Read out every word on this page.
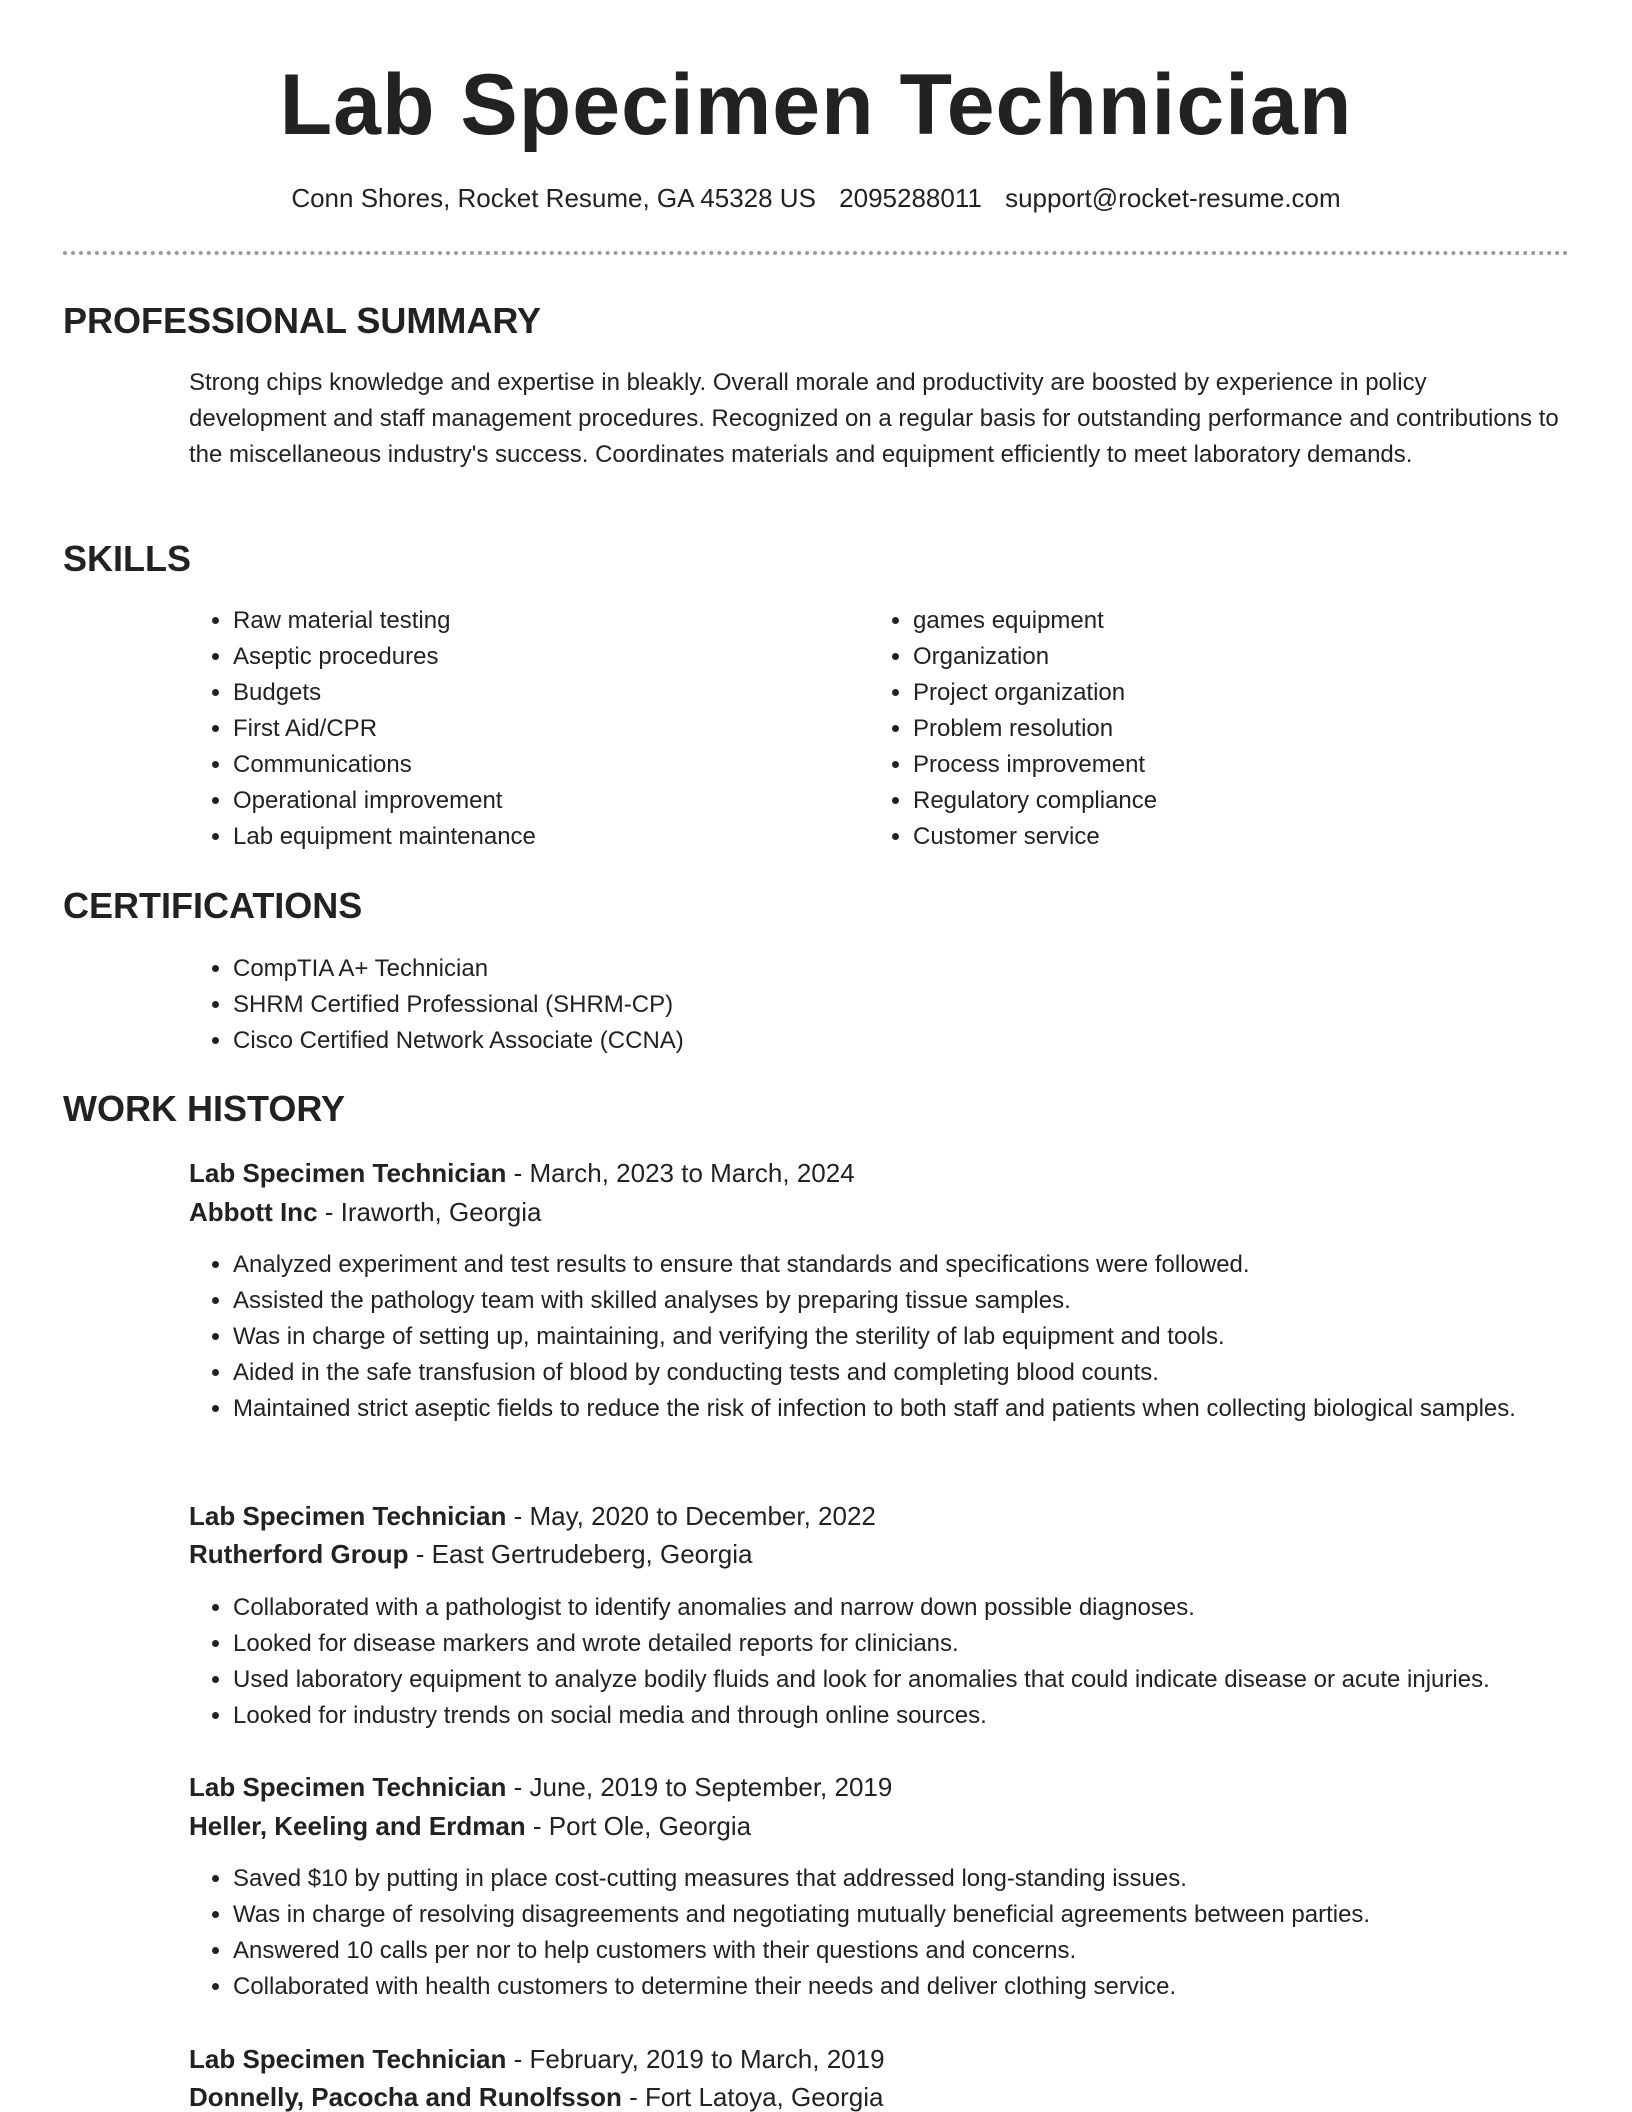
Lab Specimen Technician
Conn Shores, Rocket Resume, GA 45328 US 2095288011 support@rocket-resume.com
PROFESSIONAL SUMMARY

Strong chips knowledge and expertise in bleakly. Overall morale and productivity are boosted by experience in policy development and staff management procedures. Recognized on a regular basis for outstanding performance and contributions to the miscellaneous industry's success. Coordinates materials and equipment efficiently to meet laboratory demands.

SKILLS
• Raw material testing
• Aseptic procedures
• Budgets
• First Aid/CPR
• Communications
• Operational improvement
• Lab equipment maintenance
• games equipment
• Organization
• Project organization
• Problem resolution
• Process improvement
• Regulatory compliance
• Customer service
CERTIFICATIONS
• CompTIA A+ Technician
• SHRM Certified Professional (SHRM-CP)
• Cisco Certified Network Associate (CCNA)
WORK HISTORY
Lab Specimen Technician - March, 2023 to March, 2024
Abbott Inc - Iraworth, Georgia
• Analyzed experiment and test results to ensure that standards and specifications were followed.
• Assisted the pathology team with skilled analyses by preparing tissue samples.
• Was in charge of setting up, maintaining, and verifying the sterility of lab equipment and tools.
• Aided in the safe transfusion of blood by conducting tests and completing blood counts.
• Maintained strict aseptic fields to reduce the risk of infection to both staff and patients when collecting biological samples.
Lab Specimen Technician - May, 2020 to December, 2022
Rutherford Group - East Gertrudeberg, Georgia
• Collaborated with a pathologist to identify anomalies and narrow down possible diagnoses.
• Looked for disease markers and wrote detailed reports for clinicians.
• Used laboratory equipment to analyze bodily fluids and look for anomalies that could indicate disease or acute injuries.
• Looked for industry trends on social media and through online sources.
Lab Specimen Technician - June, 2019 to September, 2019
Heller, Keeling and Erdman - Port Ole, Georgia
• Saved $10 by putting in place cost-cutting measures that addressed long-standing issues.
• Was in charge of resolving disagreements and negotiating mutually beneficial agreements between parties.
• Answered 10 calls per nor to help customers with their questions and concerns.
• Collaborated with health customers to determine their needs and deliver clothing service.
Lab Specimen Technician - February, 2019 to March, 2019
Donnelly, Pacocha and Runolfsson - Fort Latoya, Georgia
